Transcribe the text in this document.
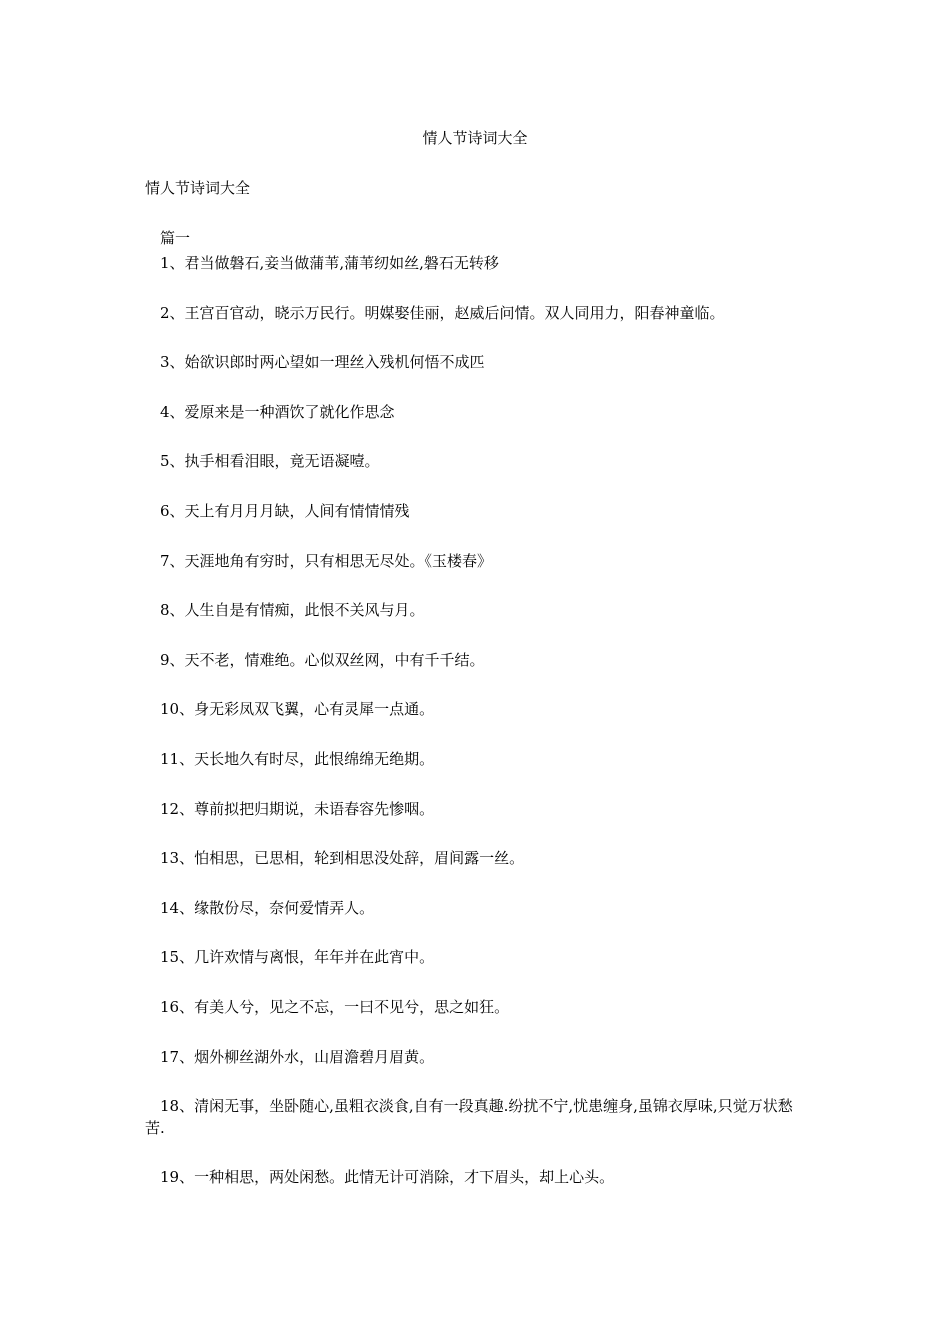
情人节诗词大全
情人节诗词大全
篇一

1、君当做磐石,妾当做蒲苇,蒲苇纫如丝,磐石无转移

2、王宫百官动，晓示万民行。明媒娶佳丽，赵威后问情。双人同用力，阳春神童临。

3、始欲识郎时两心望如一理丝入残机何悟不成匹

4、爱原来是一种酒饮了就化作思念

5、执手相看泪眼，竟无语凝噎。

6、天上有月月月缺，人间有情情情残

7、天涯地角有穷时，只有相思无尽处。《玉楼春》

8、人生自是有情痴，此恨不关风与月。

9、天不老，情难绝。心似双丝网，中有千千结。

10、身无彩凤双飞翼，心有灵犀一点通。

11、天长地久有时尽，此恨绵绵无绝期。

12、尊前拟把归期说，未语春容先惨咽。

13、怕相思，已思相，轮到相思没处辞，眉间露一丝。

14、缘散份尽，奈何爱情弄人。

15、几许欢情与离恨，年年并在此宵中。

16、有美人兮，见之不忘，一曰不见兮，思之如狂。

17、烟外柳丝湖外水，山眉澹碧月眉黄。

18、清闲无事，坐卧随心,虽粗衣淡食,自有一段真趣.纷扰不宁,忧患缠身,虽锦衣厚味,只觉万状愁苦.

19、一种相思，两处闲愁。此情无计可消除，才下眉头，却上心头。
